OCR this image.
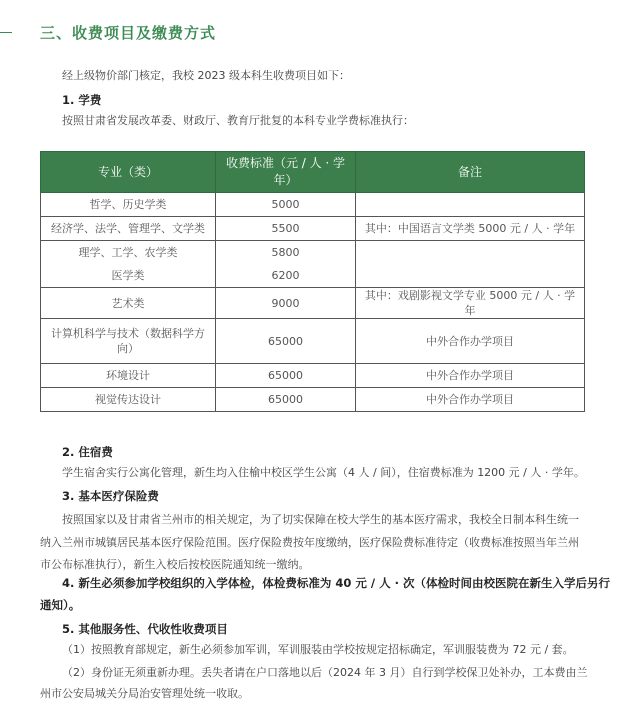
三、收费项目及缴费方式
经上级物价部门核定，我校 2023 级本科生收费项目如下：
1. 学费
按照甘肃省发展改革委、财政厅、教育厅批复的本科专业学费标准执行：
专业（类）	收费标准（元 / 人 · 学年）	备注
哲学、历史学类	5000	
经济学、法学、管理学、文学类	5500	其中：中国语言文学类 5000 元 / 人 · 学年
理学、工学、农学类	5800	
医学类	6200	
艺术类	9000	其中：戏剧影视文学专业 5000 元 / 人 · 学年
计算机科学与技术（数据科学方向）	65000	中外合作办学项目
环境设计	65000	中外合作办学项目
视觉传达设计	65000	中外合作办学项目
2. 住宿费
学生宿舍实行公寓化管理，新生均入住榆中校区学生公寓（4 人 / 间），住宿费标准为 1200 元 / 人 · 学年。
3. 基本医疗保险费
按照国家以及甘肃省兰州市的相关规定，为了切实保障在校大学生的基本医疗需求，我校全日制本科生统一
纳入兰州市城镇居民基本医疗保险范围。医疗保险费按年度缴纳，医疗保险费标准待定（收费标准按照当年兰州
市公布标准执行），新生入校后按校医院通知统一缴纳。
4. 新生必须参加学校组织的入学体检，体检费标准为 40 元 / 人 · 次（体检时间由校医院在新生入学后另行
通知）。
5. 其他服务性、代收性收费项目
（1）按照教育部规定，新生必须参加军训，军训服装由学校按规定招标确定，军训服装费为 72 元 / 套。
（2）身份证无须重新办理。丢失者请在户口落地以后（2024 年 3 月）自行到学校保卫处补办，工本费由兰
州市公安局城关分局治安管理处统一收取。
